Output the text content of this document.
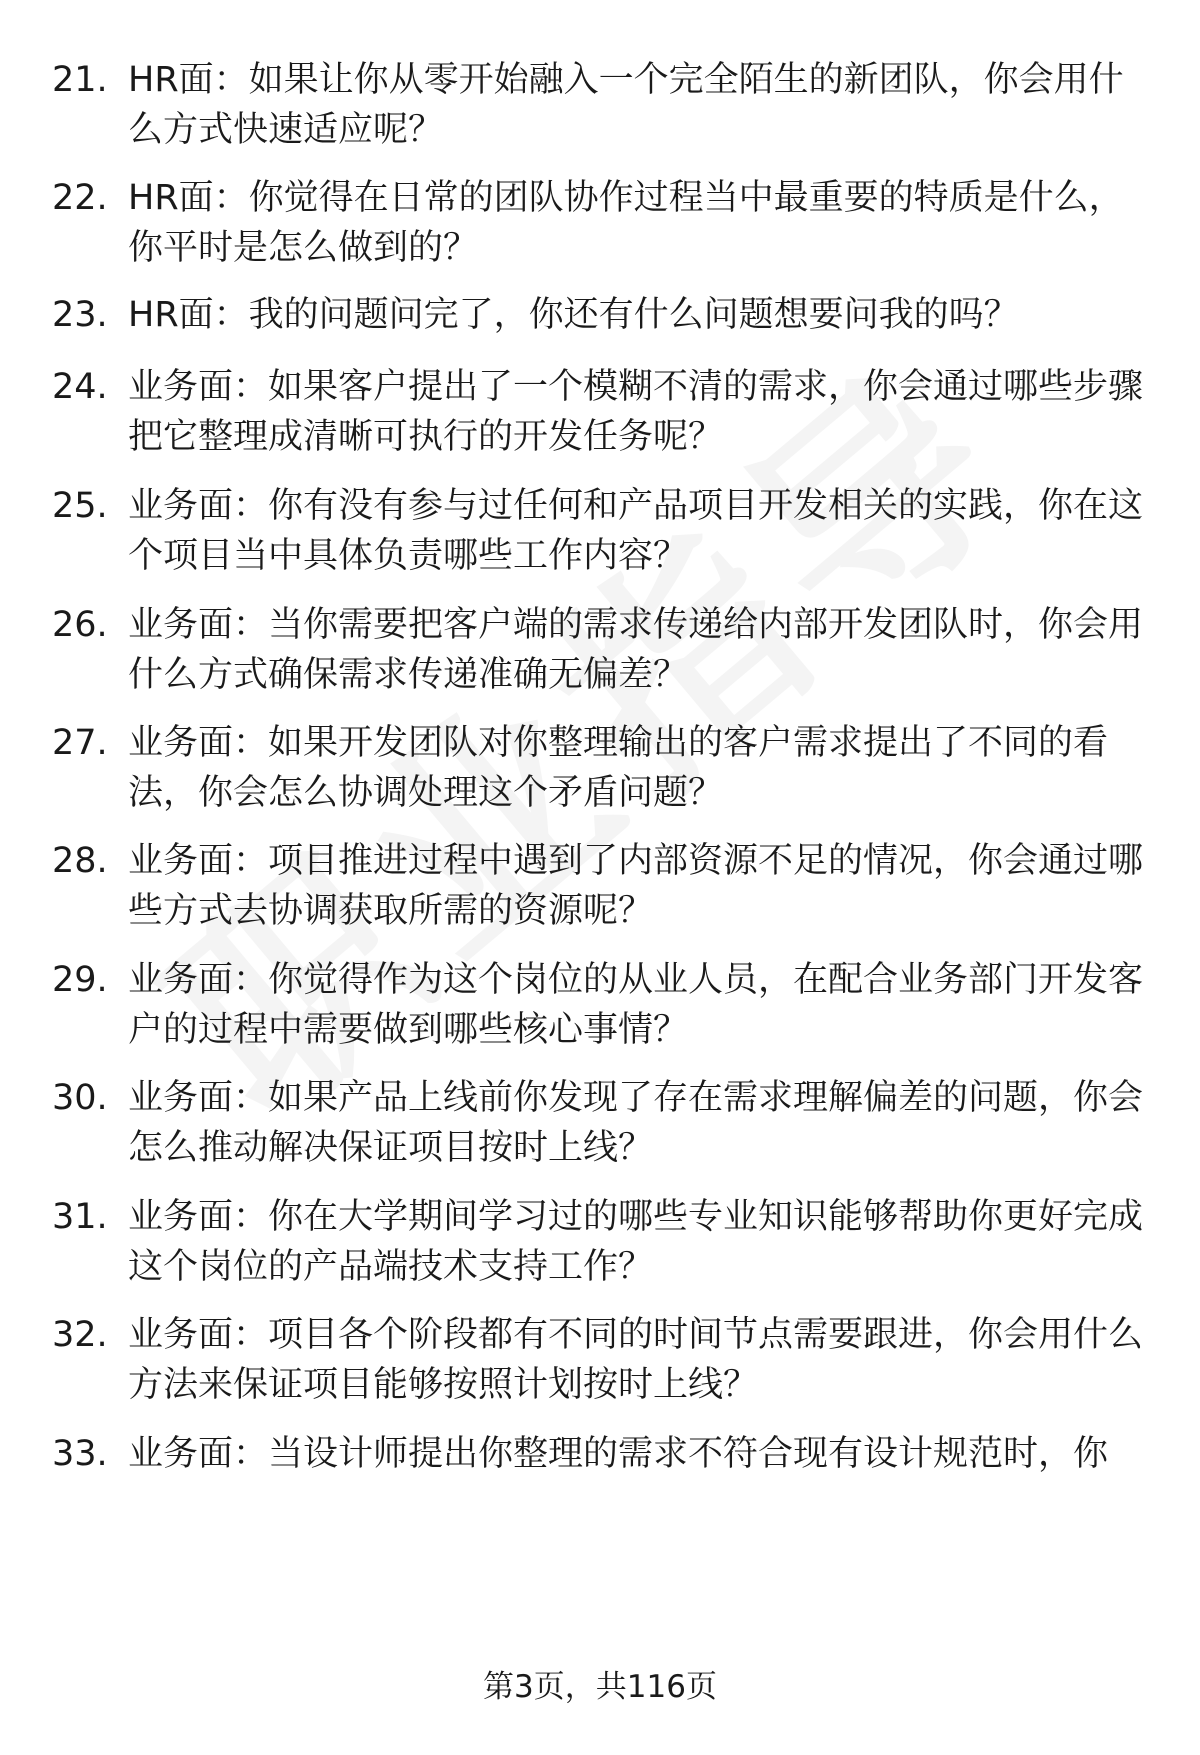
21. HR面：如果让你从零开始融入一个完全陌生的新团队，你会用什么方式快速适应呢？
22. HR面：你觉得在日常的团队协作过程当中最重要的特质是什么，你平时是怎么做到的？
23. HR面：我的问题问完了，你还有什么问题想要问我的吗？
24. 业务面：如果客户提出了一个模糊不清的需求，你会通过哪些步骤把它整理成清晰可执行的开发任务呢？
25. 业务面：你有没有参与过任何和产品项目开发相关的实践，你在这个项目当中具体负责哪些工作内容？
26. 业务面：当你需要把客户端的需求传递给内部开发团队时，你会用什么方式确保需求传递准确无偏差？
27. 业务面：如果开发团队对你整理输出的客户需求提出了不同的看法，你会怎么协调处理这个矛盾问题？
28. 业务面：项目推进过程中遇到了内部资源不足的情况，你会通过哪些方式去协调获取所需的资源呢？
29. 业务面：你觉得作为这个岗位的从业人员，在配合业务部门开发客户的过程中需要做到哪些核心事情？
30. 业务面：如果产品上线前你发现了存在需求理解偏差的问题，你会怎么推动解决保证项目按时上线？
31. 业务面：你在大学期间学习过的哪些专业知识能够帮助你更好完成这个岗位的产品端技术支持工作？
32. 业务面：项目各个阶段都有不同的时间节点需要跟进，你会用什么方法来保证项目能够按照计划按时上线？
33. 业务面：当设计师提出你整理的需求不符合现有设计规范时，你
第3页，共116页
